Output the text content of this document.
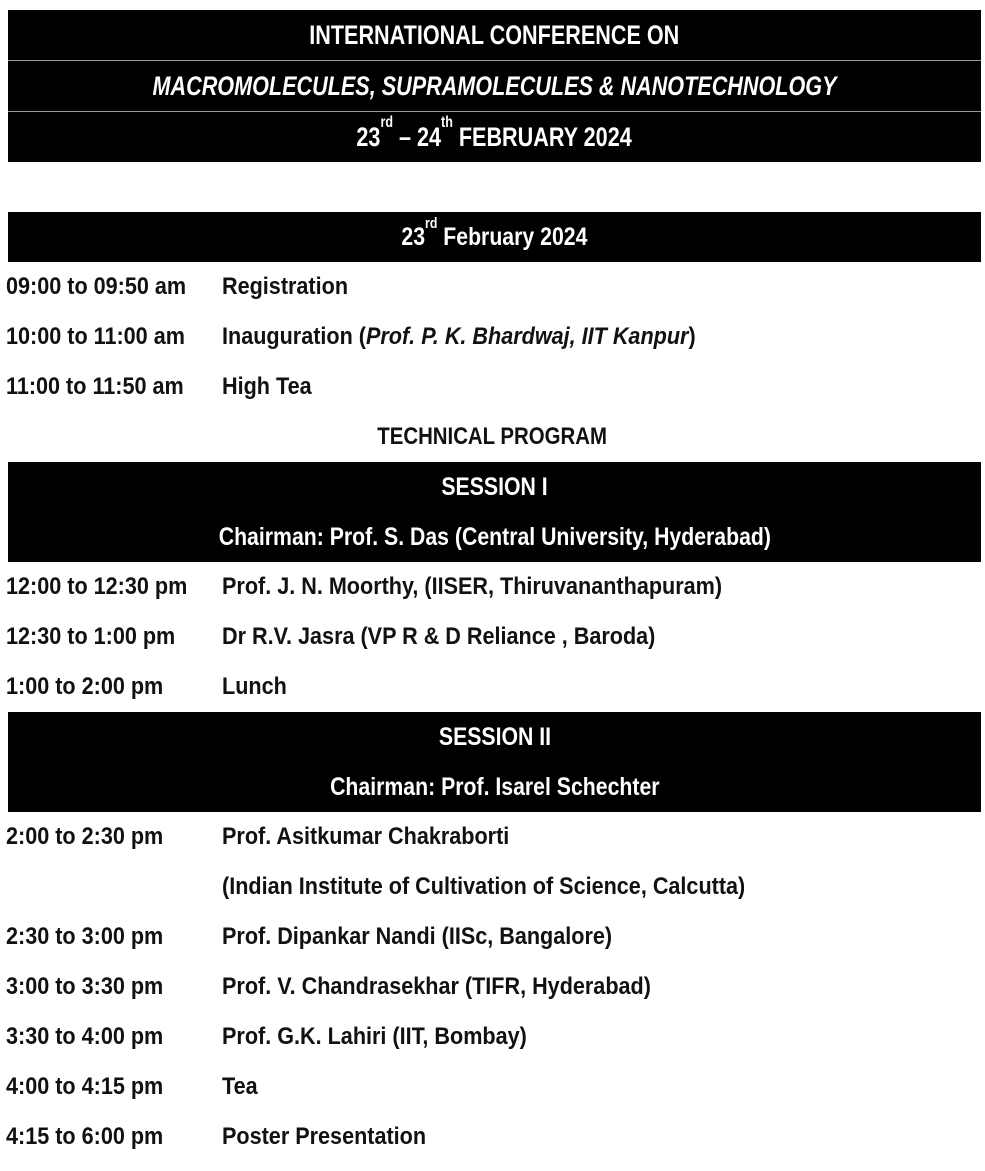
INTERNATIONAL CONFERENCE ON
MACROMOLECULES, SUPRAMOLECULES & NANOTECHNOLOGY
23rd – 24th FEBRUARY 2024
23rd February 2024
09:00 to 09:50 am	Registration
10:00 to 11:00 am	Inauguration (Prof. P. K. Bhardwaj, IIT Kanpur)
11:00 to 11:50 am	High Tea
TECHNICAL PROGRAM
SESSION I
Chairman: Prof. S. Das (Central University, Hyderabad)
12:00 to 12:30 pm	Prof. J. N. Moorthy, (IISER, Thiruvananthapuram)
12:30 to 1:00 pm	Dr R.V. Jasra (VP R & D Reliance , Baroda)
1:00 to 2:00 pm	Lunch
SESSION II
Chairman: Prof. Isarel Schechter
2:00 to 2:30 pm	Prof. Asitkumar Chakraborti
(Indian Institute of Cultivation of Science, Calcutta)
2:30 to 3:00 pm	Prof. Dipankar Nandi (IISc, Bangalore)
3:00 to 3:30 pm	Prof. V. Chandrasekhar (TIFR, Hyderabad)
3:30 to 4:00 pm	Prof. G.K. Lahiri (IIT, Bombay)
4:00 to 4:15 pm	Tea
4:15 to 6:00 pm	Poster Presentation
